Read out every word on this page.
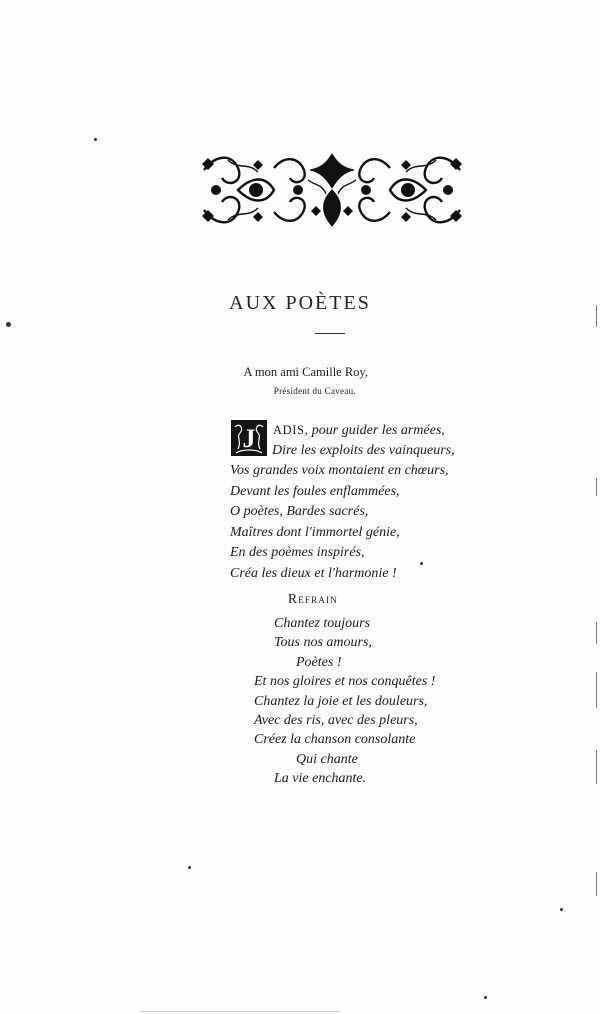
AUX POÈTES
A mon ami Camille Roy,
Président du Caveau.
J	ADIS, pour guider les armées,
Dire les exploits des vainqueurs,
Vos grandes voix montaient en chœurs,
Devant les foules enflammées,
O poètes, Bardes sacrés,
Maîtres dont l'immortel génie,
En des poèmes inspirés,
Créa les dieux et l'harmonie !
Refrain
Chantez toujours
Tous nos amours,
Poètes !
Et nos gloires et nos conquêtes !
Chantez la joie et les douleurs,
Avec des ris, avec des pleurs,
Créez la chanson consolante
Qui chante
La vie enchante.
